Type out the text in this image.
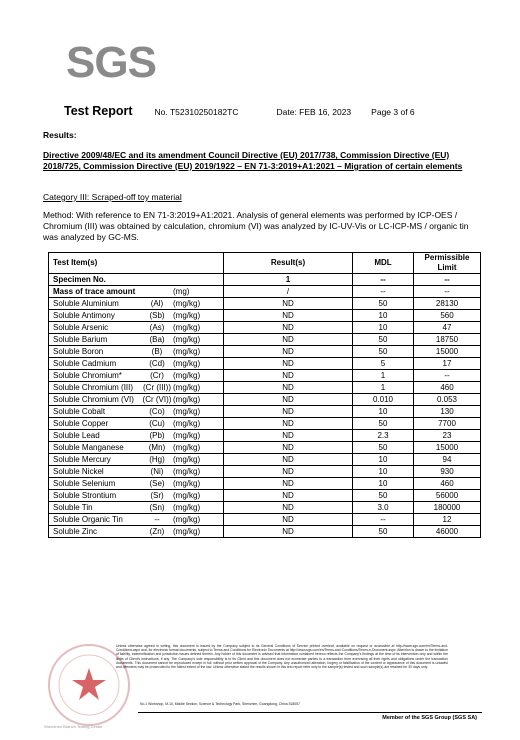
SGS
Test Report	No. T52310250182TC	Date: FEB 16, 2023 Page 3 of 6
Results:
Directive 2009/48/EC and its amendment Council Directive (EU) 2017/738, Commission Directive (EU) 2018/725, Commission Directive (EU) 2019/1922 – EN 71-3:2019+A1:2021 – Migration of certain elements
Category III: Scraped-off toy material
Method: With reference to EN 71-3:2019+A1:2021. Analysis of general elements was performed by ICP-OES / Chromium (III) was obtained by calculation, chromium (VI) was analyzed by IC-UV-Vis or LC-ICP-MS / organic tin was analyzed by GC-MS.
Test Item(s)	Result(s)	MDL	Permissible Limit
Specimen No.	1	--	--
Mass of trace amount (mg)	/	--	--
Soluble Aluminium (Al) (mg/kg)	ND	50	28130
Soluble Antimony (Sb) (mg/kg)	ND	10	560
Soluble Arsenic (As) (mg/kg)	ND	10	47
Soluble Barium (Ba) (mg/kg)	ND	50	18750
Soluble Boron (B) (mg/kg)	ND	50	15000
Soluble Cadmium (Cd) (mg/kg)	ND	5	17
Soluble Chromium* (Cr) (mg/kg)	ND	1	--
Soluble Chromium (III) (Cr (III)) (mg/kg)	ND	1	460
Soluble Chromium (VI) (Cr (VI)) (mg/kg)	ND	0.010	0.053
Soluble Cobalt (Co) (mg/kg)	ND	10	130
Soluble Copper (Cu) (mg/kg)	ND	50	7700
Soluble Lead (Pb) (mg/kg)	ND	2.3	23
Soluble Manganese (Mn) (mg/kg)	ND	50	15000
Soluble Mercury (Hg) (mg/kg)	ND	10	94
Soluble Nickel (Ni) (mg/kg)	ND	10	930
Soluble Selenium (Se) (mg/kg)	ND	10	460
Soluble Strontium (Sr) (mg/kg)	ND	50	56000
Soluble Tin (Sn) (mg/kg)	ND	3.0	180000
Soluble Organic Tin -- (mg/kg)	ND	--	12
Soluble Zinc (Zn) (mg/kg)	ND	50	46000
Unless otherwise agreed in writing, this document is issued by the Company subject to its General Conditions of Service printed overleaf, available on request or accessible at http://www.sgs.com/en/Terms-and-Conditions.aspx and, for electronic format documents, subject to Terms and Conditions for Electronic Documents at http://www.sgs.com/en/Terms-and-Conditions/Terms-e-Document.aspx. Attention is drawn to the limitation of liability, indemnification and jurisdiction issues defined therein. Any holder of this document is advised that information contained hereon reflects the Company's findings at the time of its intervention only and within the limits of Client's instructions, if any. The Company's sole responsibility is to its Client and this document does not exonerate parties to a transaction from exercising all their rights and obligations under the transaction documents. This document cannot be reproduced except in full, without prior written approval of the Company. Any unauthorized alteration, forgery or falsification of the content or appearance of this document is unlawful and offenders may be prosecuted to the fullest extent of the law. Unless otherwise stated the results shown in this test report refer only to the sample(s) tested and such sample(s) are retained for 30 days only.
No.1 Workshop, M-10, Middle Section, Science & Technology Park, Shenzhen, Guangdong, China 518057
Member of the SGS Group (SGS SA)
Shenzhen Branch Testing Center
